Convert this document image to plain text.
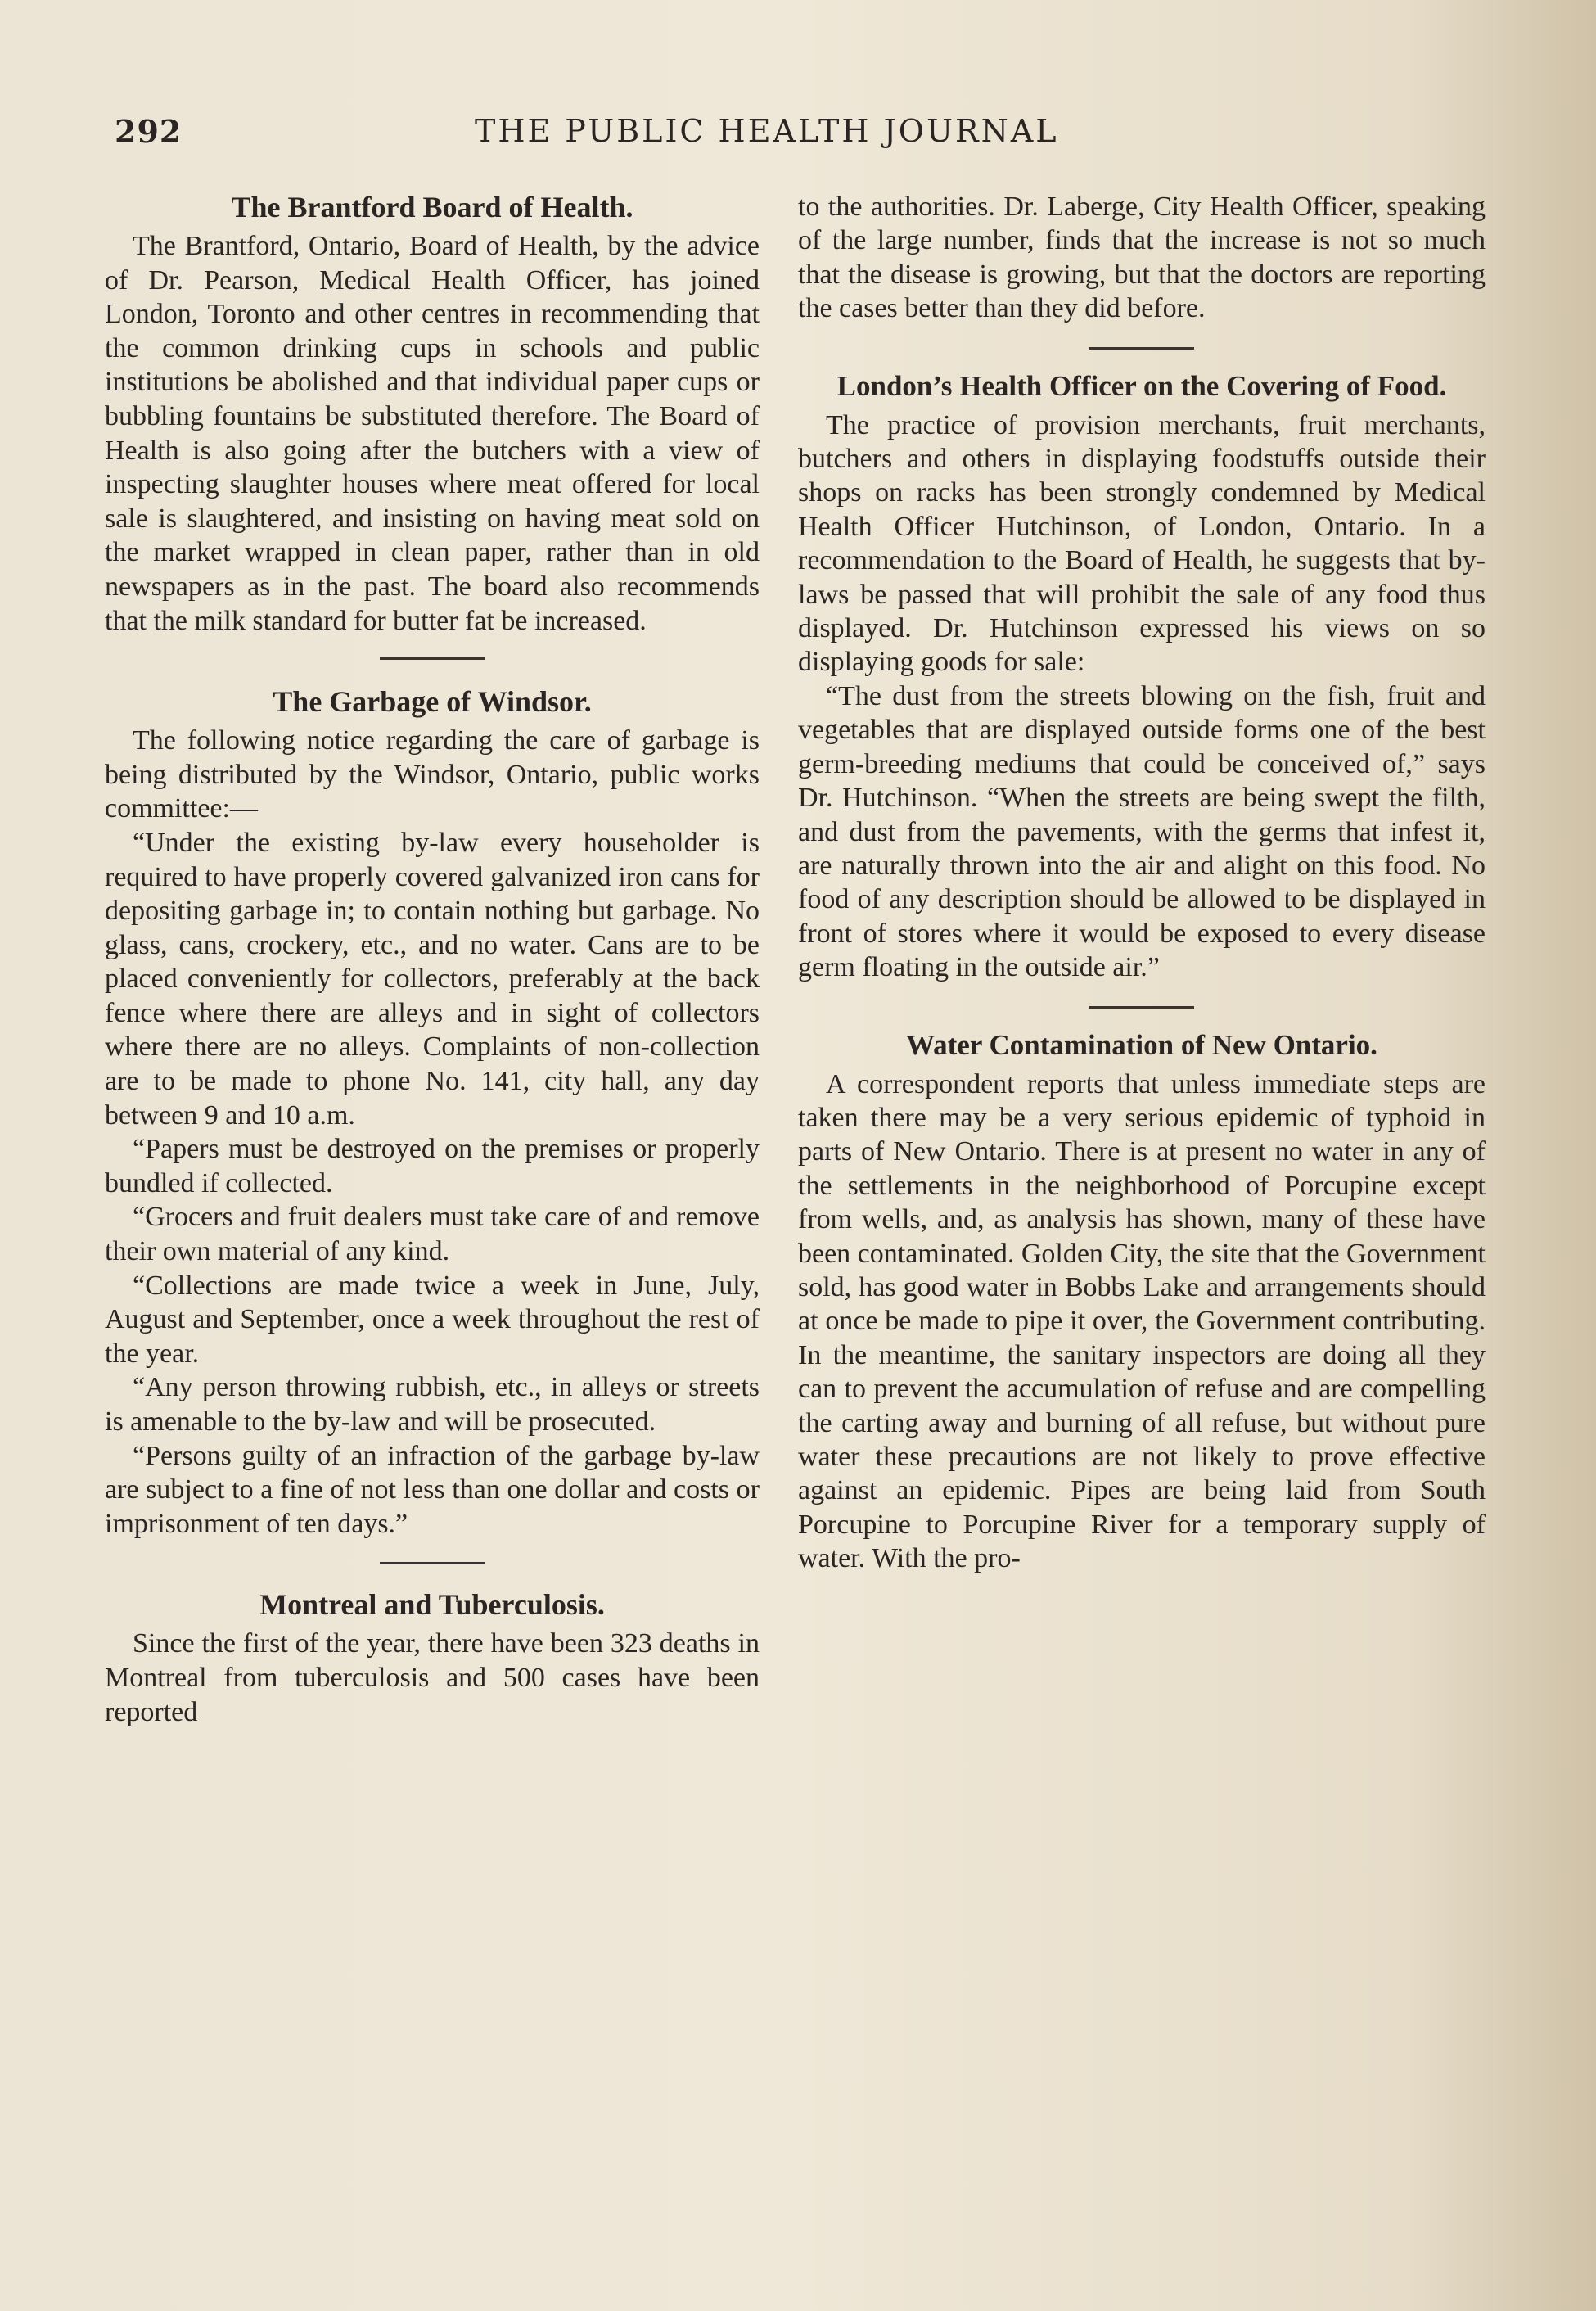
292	THE PUBLIC HEALTH JOURNAL
The Brantford Board of Health.

The Brantford, Ontario, Board of Health, by the advice of Dr. Pearson, Medical Health Officer, has joined London, Toronto and other centres in recommending that the common drinking cups in schools and public institutions be abolished and that individual paper cups or bubbling fountains be substituted therefore. The Board of Health is also going after the butchers with a view of inspecting slaughter houses where meat offered for local sale is slaughtered, and insisting on having meat sold on the market wrapped in clean paper, rather than in old newspapers as in the past. The board also recommends that the milk standard for butter fat be increased.

The Garbage of Windsor.

The following notice regarding the care of garbage is being distributed by the Windsor, Ontario, public works committee:—

“Under the existing by-law every householder is required to have properly covered galvanized iron cans for depositing garbage in; to contain nothing but garbage. No glass, cans, crockery, etc., and no water. Cans are to be placed conveniently for collectors, preferably at the back fence where there are alleys and in sight of collectors where there are no alleys. Complaints of non-collection are to be made to phone No. 141, city hall, any day between 9 and 10 a.m.

“Papers must be destroyed on the premises or properly bundled if collected.

“Grocers and fruit dealers must take care of and remove their own material of any kind.

“Collections are made twice a week in June, July, August and September, once a week throughout the rest of the year.

“Any person throwing rubbish, etc., in alleys or streets is amenable to the by-law and will be prosecuted.

“Persons guilty of an infraction of the garbage by-law are subject to a fine of not less than one dollar and costs or imprisonment of ten days.”

Montreal and Tuberculosis.

Since the first of the year, there have been 323 deaths in Montreal from tuberculosis and 500 cases have been reported

to the authorities. Dr. Laberge, City Health Officer, speaking of the large number, finds that the increase is not so much that the disease is growing, but that the doctors are reporting the cases better than they did before.

London’s Health Officer on the Covering of Food.

The practice of provision merchants, fruit merchants, butchers and others in displaying foodstuffs outside their shops on racks has been strongly condemned by Medical Health Officer Hutchinson, of London, Ontario. In a recommendation to the Board of Health, he suggests that by-laws be passed that will prohibit the sale of any food thus displayed. Dr. Hutchinson expressed his views on so displaying goods for sale:

“The dust from the streets blowing on the fish, fruit and vegetables that are displayed outside forms one of the best germ-breeding mediums that could be conceived of,” says Dr. Hutchinson. “When the streets are being swept the filth, and dust from the pavements, with the germs that infest it, are naturally thrown into the air and alight on this food. No food of any description should be allowed to be displayed in front of stores where it would be exposed to every disease germ floating in the outside air.”

Water Contamination of New Ontario.

A correspondent reports that unless immediate steps are taken there may be a very serious epidemic of typhoid in parts of New Ontario. There is at present no water in any of the settlements in the neighborhood of Porcupine except from wells, and, as analysis has shown, many of these have been contaminated. Golden City, the site that the Government sold, has good water in Bobbs Lake and arrangements should at once be made to pipe it over, the Government contributing. In the meantime, the sanitary inspectors are doing all they can to prevent the accumulation of refuse and are compelling the carting away and burning of all refuse, but without pure water these precautions are not likely to prove effective against an epidemic. Pipes are being laid from South Porcupine to Porcupine River for a temporary supply of water. With the pro-
